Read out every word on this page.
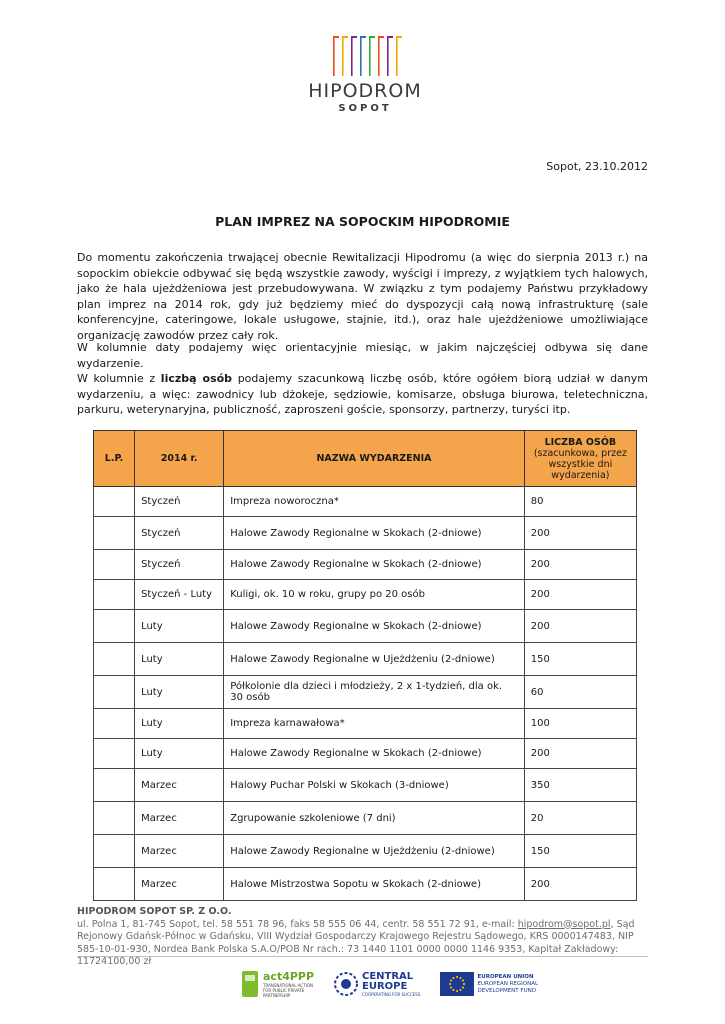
HIPODROM
SOPOT
Sopot, 23.10.2012
PLAN IMPREZ NA SOPOCKIM HIPODROMIE
Do momentu zakończenia trwającej obecnie Rewitalizacji Hipodromu (a więc do sierpnia 2013 r.) na sopockim obiekcie odbywać się będą wszystkie zawody, wyścigi i imprezy, z wyjątkiem tych halowych, jako że hala ujeżdżeniowa jest przebudowywana. W związku z tym podajemy Państwu przykładowy plan imprez na 2014 rok, gdy już będziemy mieć do dyspozycji całą nową infrastrukturę (sale konferencyjne, cateringowe, lokale usługowe, stajnie, itd.), oraz hale ujeżdżeniowe umożliwiające organizację zawodów przez cały rok.
W kolumnie daty podajemy więc orientacyjnie miesiąc, w jakim najczęściej odbywa się dane wydarzenie.
W kolumnie z liczbą osób podajemy szacunkową liczbę osób, które ogółem biorą udział w danym wydarzeniu, a więc: zawodnicy lub dżokeje, sędziowie, komisarze, obsługa biurowa, teletechniczna, parkuru, weterynaryjna, publiczność, zaproszeni goście, sponsorzy, partnerzy, turyści itp.
L.P.	2014 r.	NAZWA WYDARZENIA	LICZBA OSÓB
(szacunkowa, przez wszystkie dni wydarzenia)

	Styczeń	Impreza noworoczna*	80
	Styczeń	Halowe Zawody Regionalne w Skokach (2-dniowe)	200
	Styczeń	Halowe Zawody Regionalne w Skokach (2-dniowe)	200
	Styczeń - Luty	Kuligi, ok. 10 w roku, grupy po 20 osób	200
	Luty	Halowe Zawody Regionalne w Skokach (2-dniowe)	200
	Luty	Halowe Zawody Regionalne w Ujeżdżeniu (2-dniowe)	150
	Luty	Półkolonie dla dzieci i młodzieży, 2 x 1-tydzień, dla ok. 30 osób	60
	Luty	Impreza karnawałowa*	100
	Luty	Halowe Zawody Regionalne w Skokach (2-dniowe)	200
	Marzec	Halowy Puchar Polski w Skokach (3-dniowe)	350
	Marzec	Zgrupowanie szkoleniowe (7 dni)	20
	Marzec	Halowe Zawody Regionalne w Ujeżdżeniu (2-dniowe)	150
	Marzec	Halowe Mistrzostwa Sopotu w Skokach (2-dniowe)	200
HIPODROM SOPOT SP. Z O.O.
ul. Polna 1, 81-745 Sopot, tel. 58 551 78 96, faks 58 555 06 44, centr. 58 551 72 91, e-mail: hipodrom@sopot.pl, Sąd Rejonowy Gdańsk-Północ w Gdańsku, VIII Wydział Gospodarczy Krajowego Rejestru Sądowego, KRS 0000147483, NIP 585-10-01-930, Nordea Bank Polska S.A.O/POB Nr rach.: 73 1440 1101 0000 0000 1146 9353, Kapitał Zakładowy: 11724100,00 zł
act4PPP
TRANSNATIONAL ACTION FOR PUBLIC PRIVATE PARTNERSHIP
CENTRAL
EUROPE
COOPERATING FOR SUCCESS.
EUROPEAN UNION
EUROPEAN REGIONAL
DEVELOPMENT FUND
